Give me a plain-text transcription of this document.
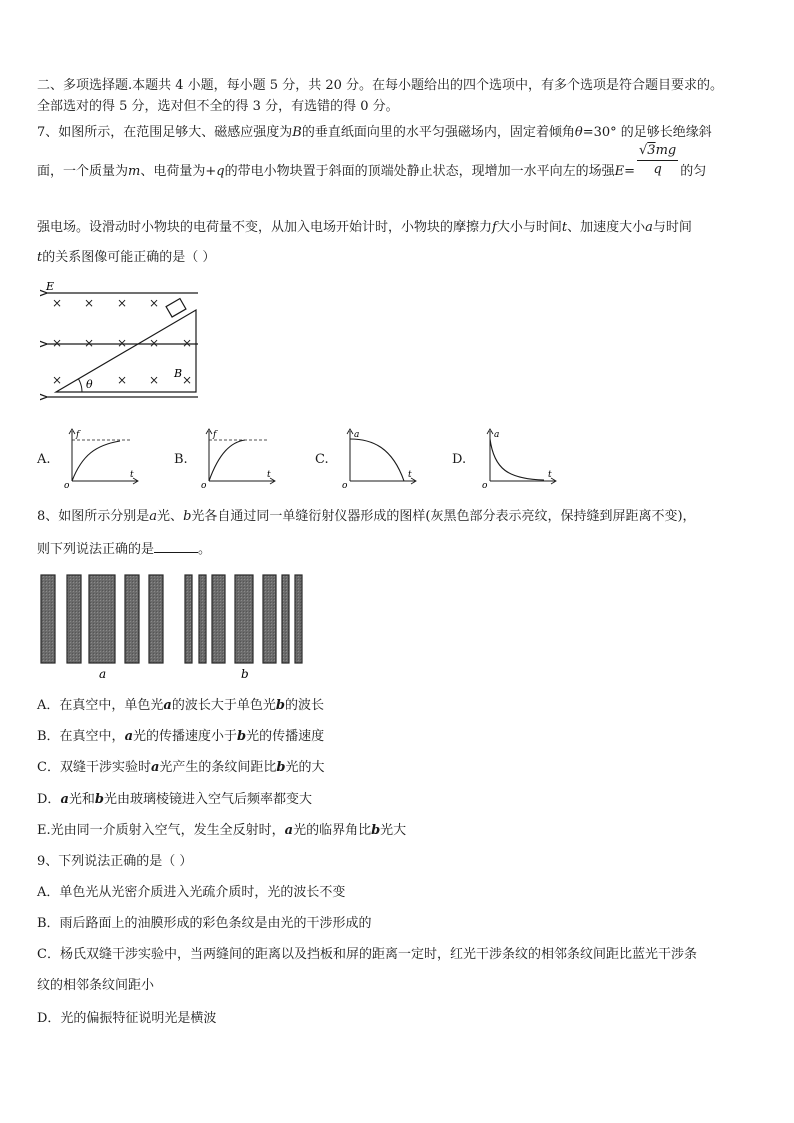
二、多项选择题.本题共 4 小题，每小题 5 分，共 20 分。在每小题给出的四个选项中，有多个选项是符合题目要求的。
全部选对的得 5 分，选对但不全的得 3 分，有选错的得 0 分。
7、如图所示，在范围足够大、磁感应强度为B的垂直纸面向里的水平匀强磁场内，固定着倾角θ=30° 的足够长绝缘斜
面，一个质量为m、电荷量为+q的带电小物块置于斜面的顶端处静止状态，现增加一水平向左的场强$E= \frac{√3mg}{q}$ 的匀
强电场。设滑动时小物块的电荷量不变，从加入电场开始计时，小物块的摩擦力f大小与时间t、加速度大小a与时间
t的关系图像可能正确的是（ ）
θ
E
B
× × × ×
× × × × ×
×	× × ×
A.
f
t
o
B.
f
t
o
C.
a
t
o
D.
a
t
o
8、如图所示分别是a光、b光各自通过同一单缝衍射仪器形成的图样(灰黑色部分表示亮纹，保持缝到屏距离不变)，
则下列说法正确的是	。
a	b
A．在真空中，单色光a的波长大于单色光b的波长
B．在真空中，a光的传播速度小于b光的传播速度
C．双缝干涉实验时a光产生的条纹间距比b光的大
D．a光和b光由玻璃棱镜进入空气后频率都变大
E.光由同一介质射入空气，发生全反射时，a光的临界角比b光大
9、下列说法正确的是（ ）
A．单色光从光密介质进入光疏介质时，光的波长不变
B．雨后路面上的油膜形成的彩色条纹是由光的干涉形成的
C．杨氏双缝干涉实验中，当两缝间的距离以及挡板和屏的距离一定时，红光干涉条纹的相邻条纹间距比蓝光干涉条
纹的相邻条纹间距小
D．光的偏振特征说明光是横波
